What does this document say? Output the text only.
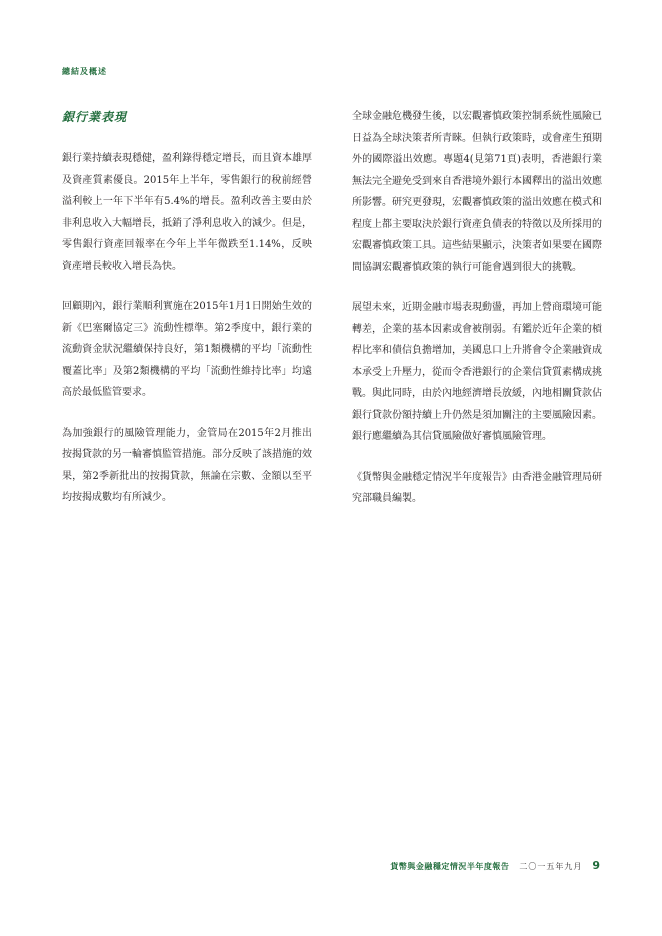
總結及概述
銀行業表現

銀行業持續表現穩健，盈利錄得穩定增長，而且資本雄厚及資產質素優良。2015年上半年，零售銀行的稅前經營溢利較上一年下半年有5.4%的增長。盈利改善主要由於非利息收入大幅增長，抵銷了淨利息收入的減少。但是，零售銀行資產回報率在今年上半年微跌至1.14%，反映資產增長較收入增長為快。

回顧期內，銀行業順利實施在2015年1月1日開始生效的新《巴塞爾協定三》流動性標準。第2季度中，銀行業的流動資金狀況繼續保持良好，第1類機構的平均「流動性覆蓋比率」及第2類機構的平均「流動性維持比率」均遠高於最低監管要求。

為加強銀行的風險管理能力，金管局在2015年2月推出按揭貸款的另一輪審慎監管措施。部分反映了該措施的效果，第2季新批出的按揭貸款，無論在宗數、金額以至平均按揭成數均有所減少。

全球金融危機發生後，以宏觀審慎政策控制系統性風險已日益為全球決策者所青睞。但執行政策時，或會產生預期外的國際溢出效應。專題4(見第71頁)表明，香港銀行業無法完全避免受到來自香港境外銀行本國釋出的溢出效應所影響。研究更發現，宏觀審慎政策的溢出效應在模式和程度上都主要取決於銀行資產負債表的特徵以及所採用的宏觀審慎政策工具。這些結果顯示，決策者如果要在國際間協調宏觀審慎政策的執行可能會遇到很大的挑戰。

展望未來，近期金融市場表現動盪，再加上營商環境可能轉差，企業的基本因素或會被削弱。有鑑於近年企業的槓桿比率和債信負擔增加，美國息口上升將會令企業融資成本承受上升壓力，從而令香港銀行的企業信貸質素構成挑戰。與此同時，由於內地經濟增長放緩，內地相關貸款佔銀行貸款份額持續上升仍然是須加關注的主要風險因素。銀行應繼續為其信貸風險做好審慎風險管理。

《貨幣與金融穩定情況半年度報告》由香港金融管理局研究部職員編製。

貨幣與金融穩定情況半年度報告 二〇一五年九月 9
